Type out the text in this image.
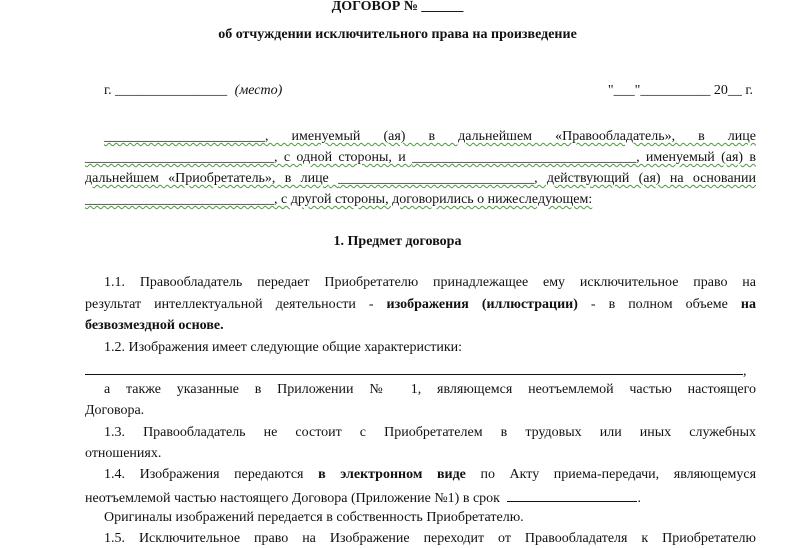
ДОГОВОР № ______
об отчуждении исключительного права на произведение
г. ________________ (место)	"___"__________ 20__ г.
_______________________, именуемый (ая) в дальнейшем «Правообладатель», в лице
___________________________, с одной стороны, и ________________________________, именуемый (ая) в
дальнейшем «Приобретатель», в лице ____________________________, действующий (ая) на основании
___________________________, с другой стороны, договорились о нижеследующем:
1. Предмет договора
1.1. Правообладатель передает Приобретателю принадлежащее ему исключительное право на
результат интеллектуальной деятельности - изображения (иллюстрации) - в полном объеме на
безвозмездной основе.
1.2. Изображения имеет следующие общие характеристики:
,
а также указанные в Приложении № 1, являющемся неотъемлемой частью настоящего
Договора.
1.3. Правообладатель не состоит с Приобретателем в трудовых или иных служебных
отношениях.
1.4. Изображения передаются в электронном виде по Акту приема-передачи, являющемуся
неотъемлемой частью настоящего Договора (Приложение №1) в срок	.
Оригиналы изображений передается в собственность Приобретателю.
1.5. Исключительное право на Изображение переходит от Правообладателя к Приобретателю
